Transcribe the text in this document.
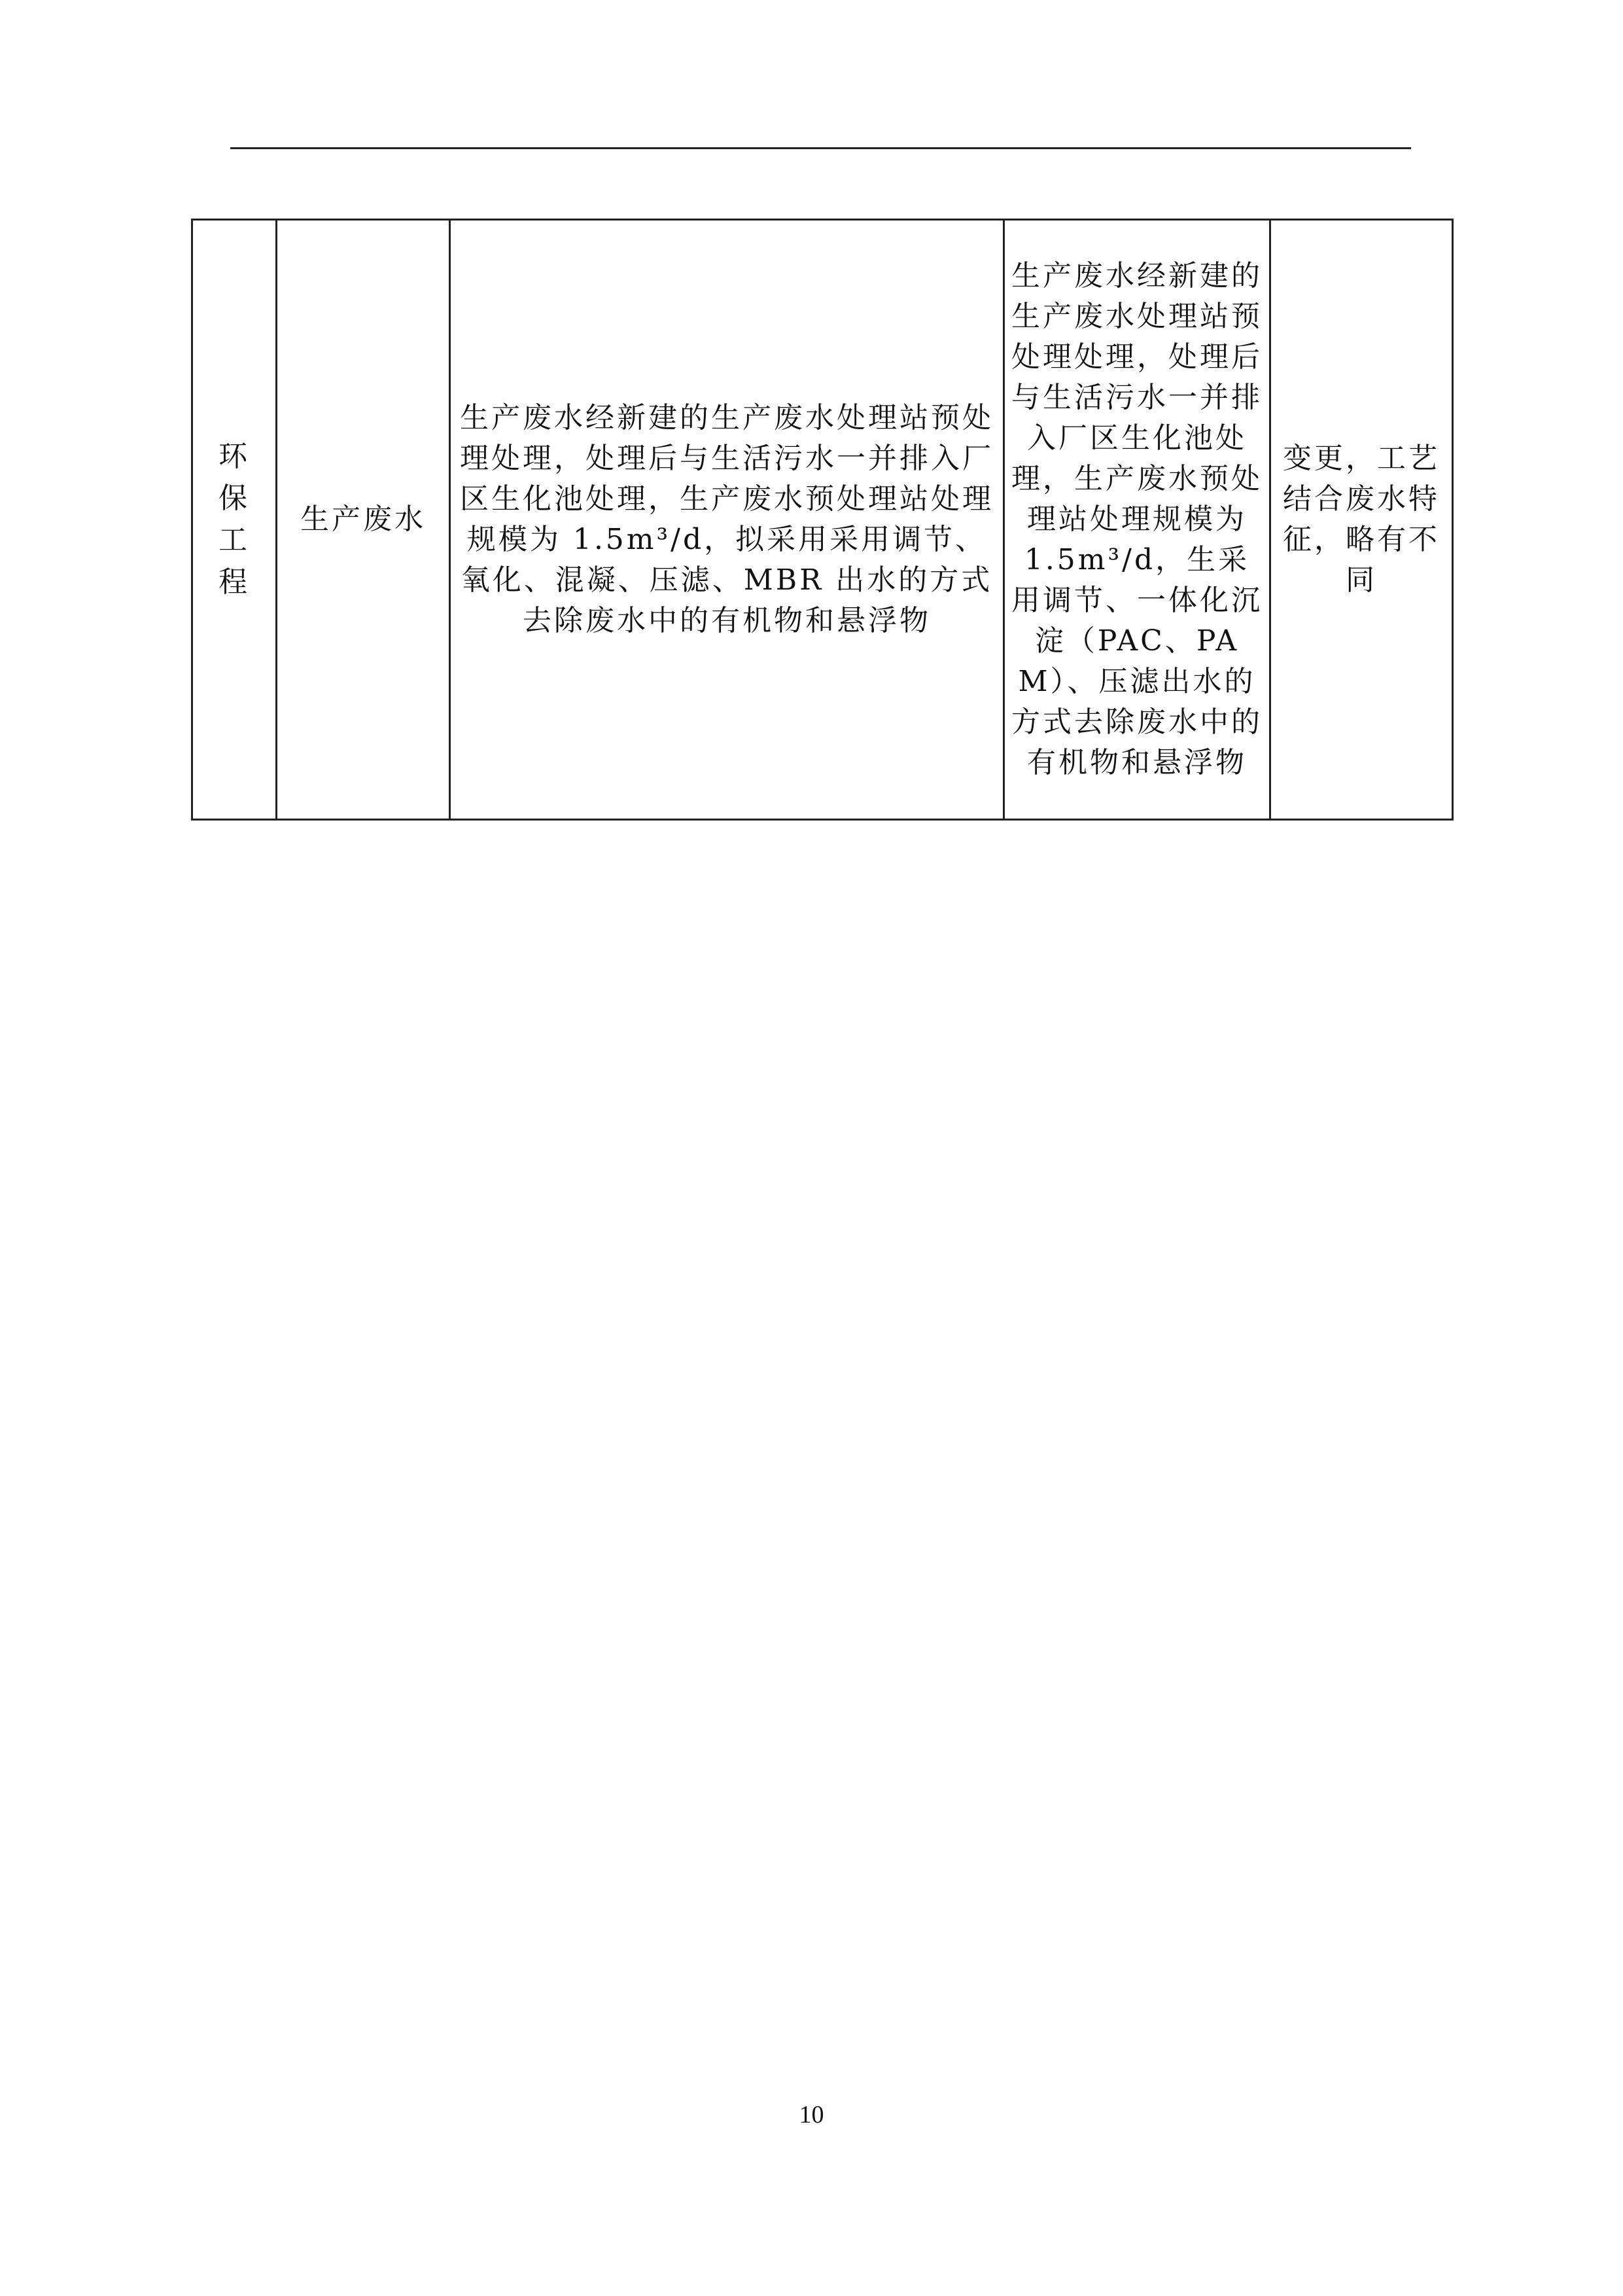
环保工程	生产废水	生产废水经新建的生产废水处理站预处理处理，处理后与生活污水一并排入厂区生化池处理，生产废水预处理站处理规模为 1.5m³/d，拟采用采用调节、氧化、混凝、压滤、MBR 出水的方式去除废水中的有机物和悬浮物	生产废水经新建的生产废水处理站预处理处理，处理后与生活污水一并排入厂区生化池处理，生产废水预处理站处理规模为 1.5m³/d，生采用调节、一体化沉淀（PAC、PAM）、压滤出水的方式去除废水中的有机物和悬浮物	变更，工艺结合废水特征，略有不同
10
